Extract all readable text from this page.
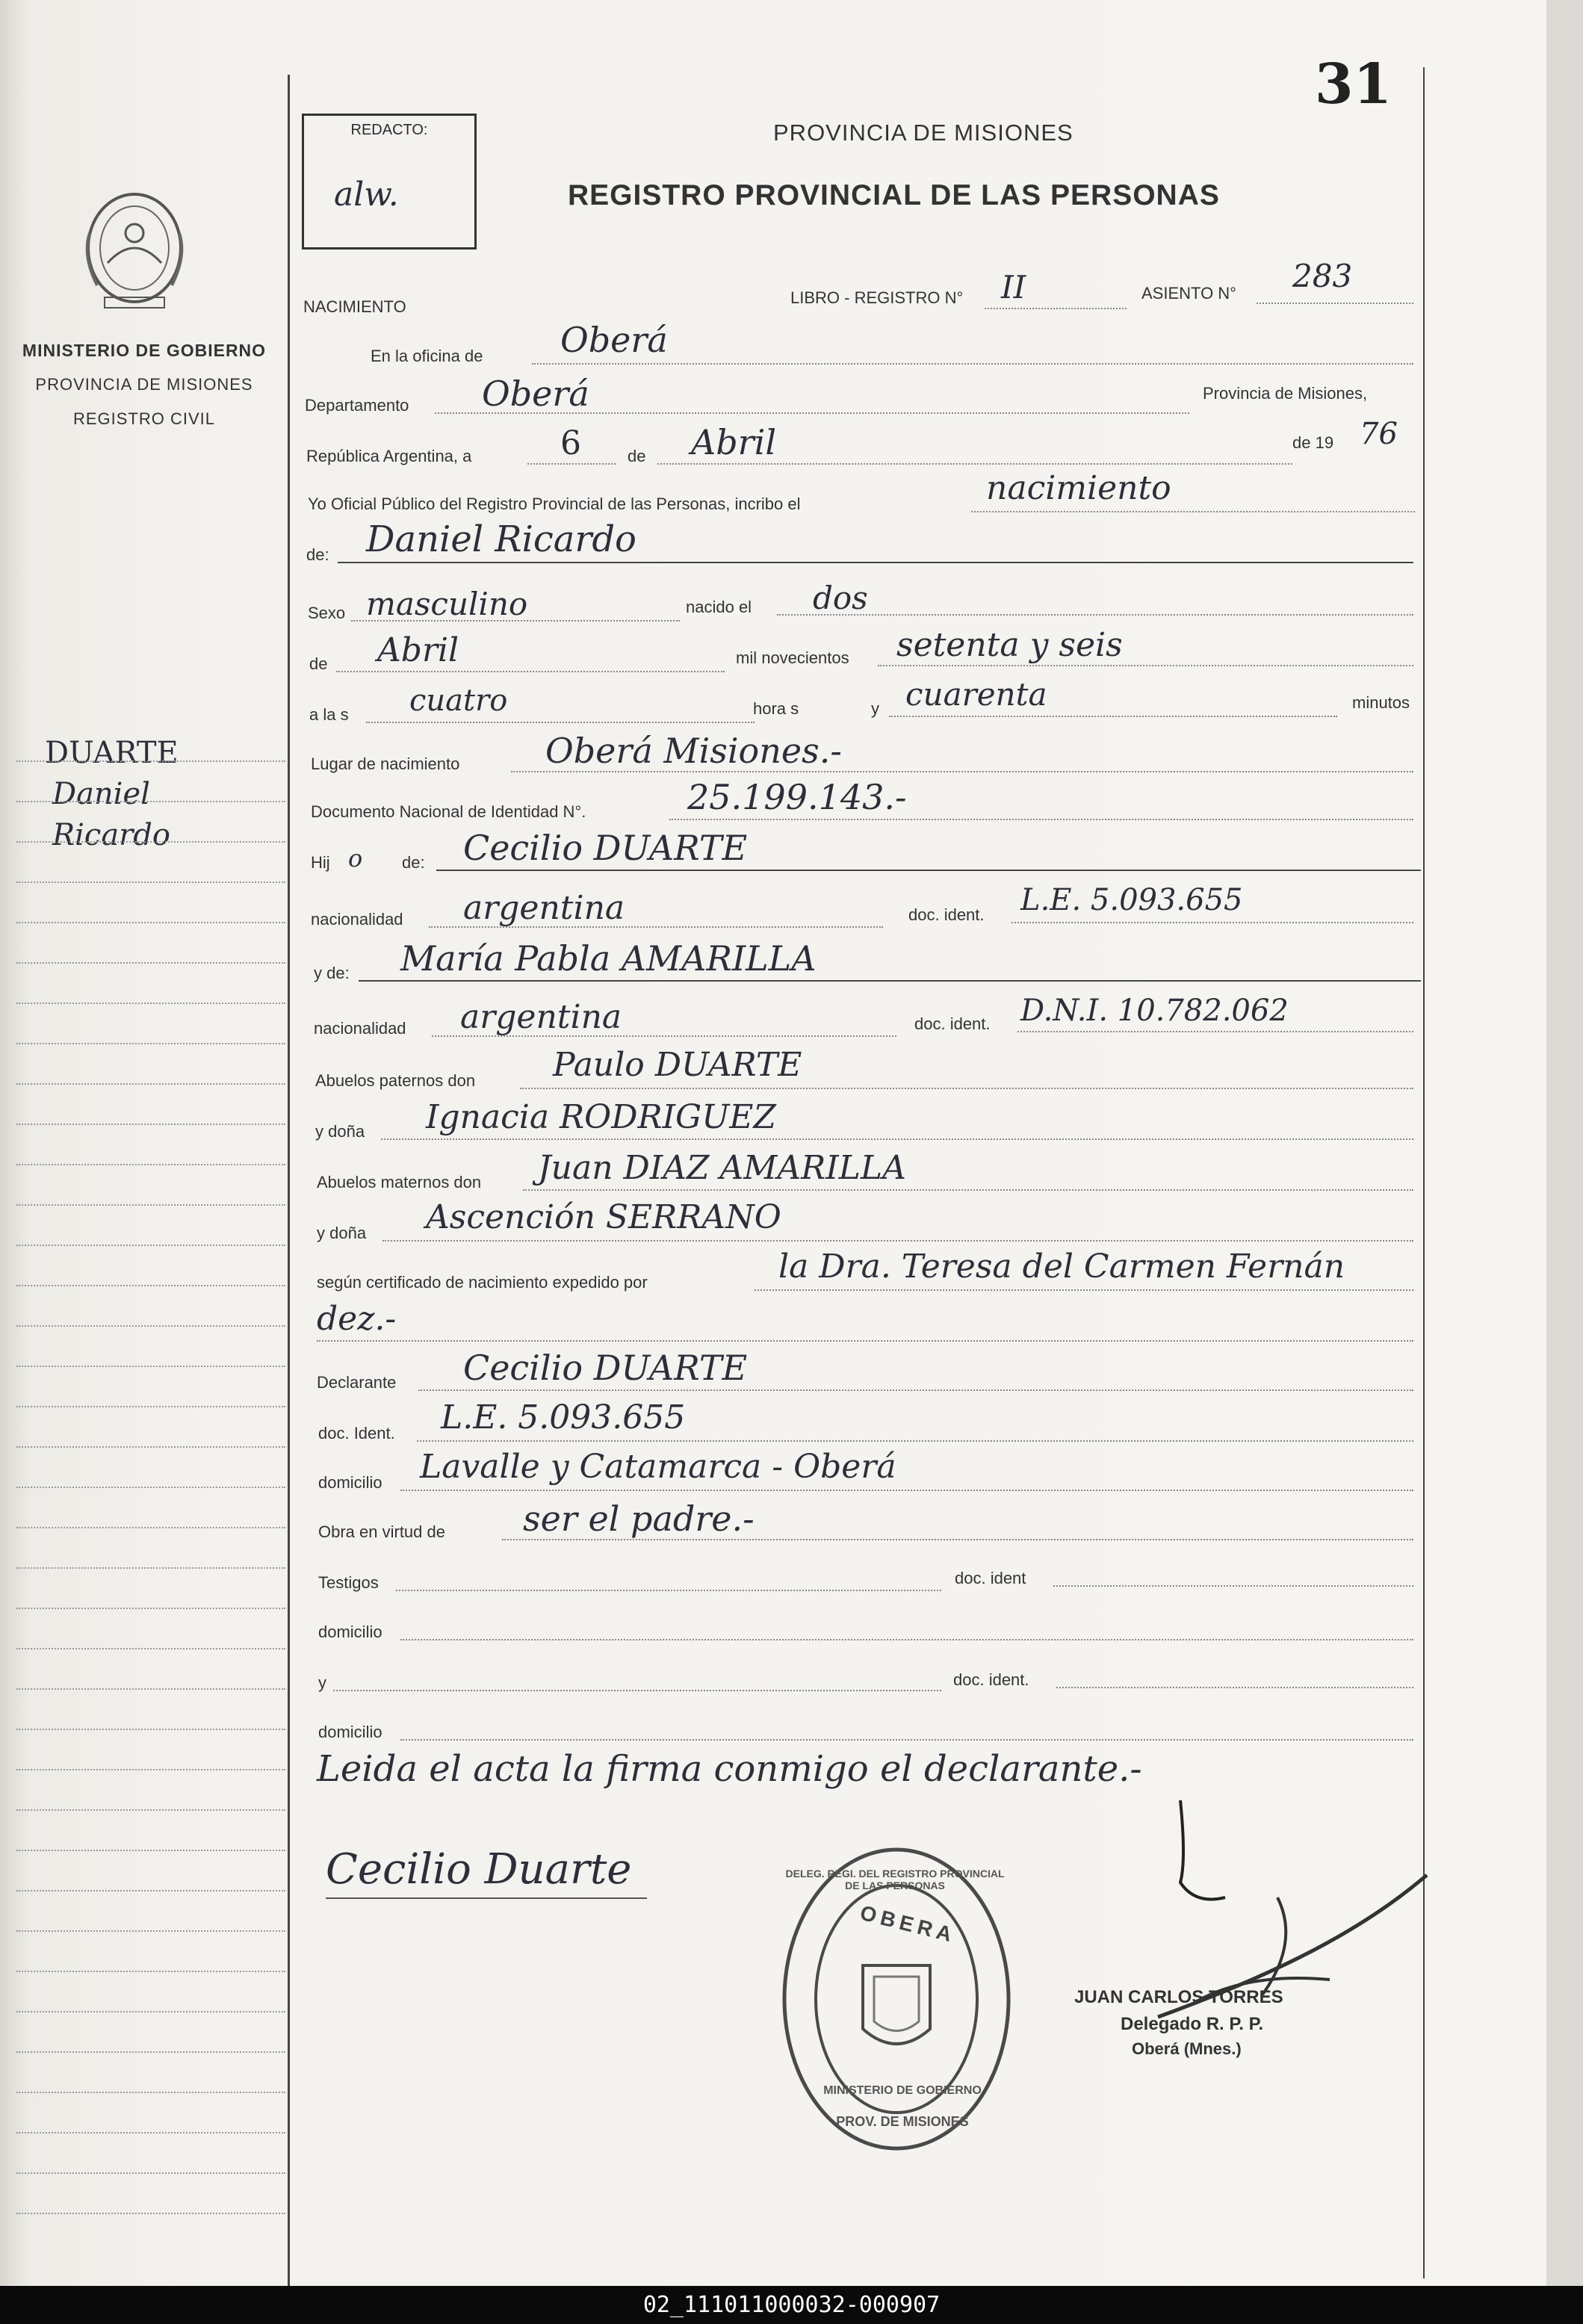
31
REDACTO:
alw.
PROVINCIA DE MISIONES
REGISTRO PROVINCIAL DE LAS PERSONAS
MINISTERIO DE GOBIERNO
PROVINCIA DE MISIONES
REGISTRO CIVIL
DUARTE
Daniel
Ricardo
NACIMIENTO	LIBRO - REGISTRO N° II	ASIENTO N° 283
En la oficina de Oberá
Departamento Oberá	Provincia de Misiones,
República Argentina, a	6	de Abril	de 19 76
Yo Oficial Público del Registro Provincial de las Personas, incribo el	nacimiento
de: Daniel Ricardo
Sexo masculino	nacido el dos
de Abril	mil novecientos setenta y seis
a la s cuatro	hora s	y cuarenta	minutos
Lugar de nacimiento Oberá Misiones.-
Documento Nacional de Identidad N°.	25.199.143.-
Hij o de: Cecilio DUARTE
nacionalidad argentina	doc. ident. L.E. 5.093.655
y de: María Pabla AMARILLA
nacionalidad argentina	doc. ident. D.N.I. 10.782.062
Abuelos paternos don Paulo DUARTE
y doña Ignacia RODRIGUEZ
Abuelos maternos don Juan DIAZ AMARILLA
y doña Ascención SERRANO
según certificado de nacimiento expedido por	la Dra. Teresa del Carmen Fernán
dez.-
Declarante Cecilio DUARTE
doc. Ident. L.E. 5.093.655
domicilio Lavalle y Catamarca - Oberá
Obra en virtud de ser el padre.-
Testigos	doc. ident
domicilio
y	doc. ident.
domicilio
Leida el acta la firma conmigo el declarante.-
Cecilio Duarte
OBERA
DELEG. REGI. DEL REGISTRO PROVINCIAL DE LAS PERSONAS
MINISTERIO DE GOBIERNO
PROV. DE MISIONES
JUAN CARLOS TORRES
Delegado R. P. P.
Oberá (Mnes.)
02_111011000032-000907
